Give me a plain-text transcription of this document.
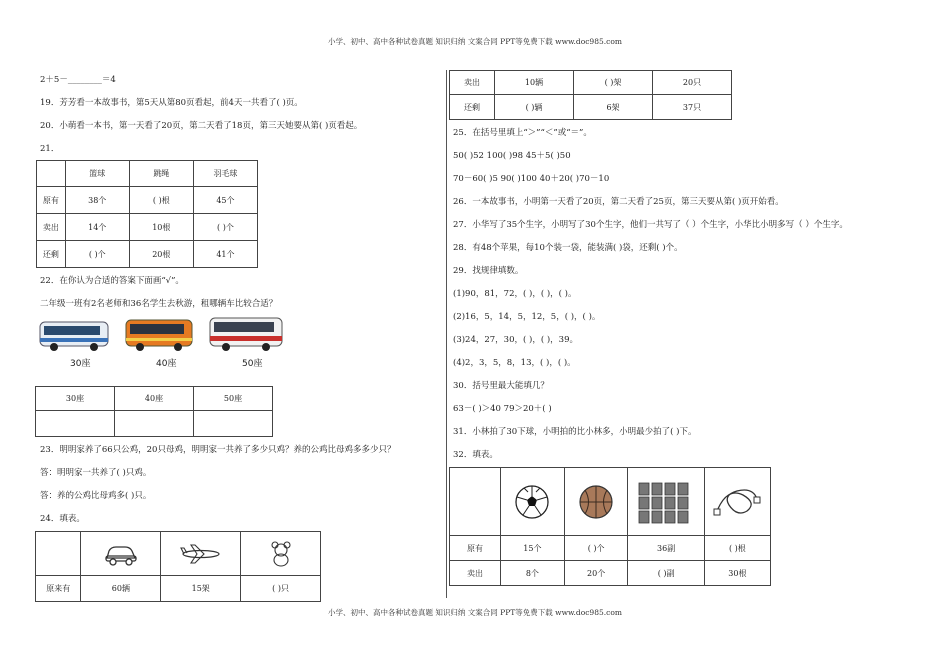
小学、初中、高中各种试卷真题 知识归纳 文案合同 PPT等免费下载 www.doc985.com
2＋5－________＝4
19．芳芳看一本故事书，第5天从第80页看起，前4天一共看了( )页。
20．小萌看一本书，第一天看了20页，第二天看了18页，第三天她要从第( )页看起。
21．
	篮球	跳绳	羽毛球
原有	38个	( )根	45个
卖出	14个	10根	( )个
还剩	( )个	20根	41个
22．在你认为合适的答案下面画“√”。
二年级一班有2名老师和36名学生去秋游，租哪辆车比较合适？
30座	40座	50座
30座	40座	50座

23．明明家养了66只公鸡，20只母鸡，明明家一共养了多少只鸡？养的公鸡比母鸡多多少只？
答：明明家一共养了( )只鸡。
答：养的公鸡比母鸡多( )只。
24．填表。

原来有	60辆	15架	( )只
卖出	10辆	( )架	20只
还剩	( )辆	6架	37只
25．在括号里填上“＞”“＜”或“＝”。
50( )52 100( )98 45＋5( )50
70－60( )5 90( )100 40＋20( )70－10
26．一本故事书，小明第一天看了20页，第二天看了25页，第三天要从第( )页开始看。
27．小华写了35个生字，小明写了30个生字，他们一共写了（ ）个生字，小华比小明多写（ ）个生字。
28．有48个苹果，每10个装一袋，能装满( )袋，还剩( )个。
29．找规律填数。
(1)90，81，72，( )，( )，( )。
(2)16，5，14，5，12，5，( )，( )。
(3)24，27，30，( )，( )，39。
(4)2，3，5，8，13，( )，( )。
30．括号里最大能填几？
63－( )＞40 79＞20＋( )
31．小林拍了30下球，小明拍的比小林多，小明最少拍了( )下。
32．填表。

原有	15个	( )个	36副	( )根
卖出	8个	20个	( )副	30根
小学、初中、高中各种试卷真题 知识归纳 文案合同 PPT等免费下载 www.doc985.com
